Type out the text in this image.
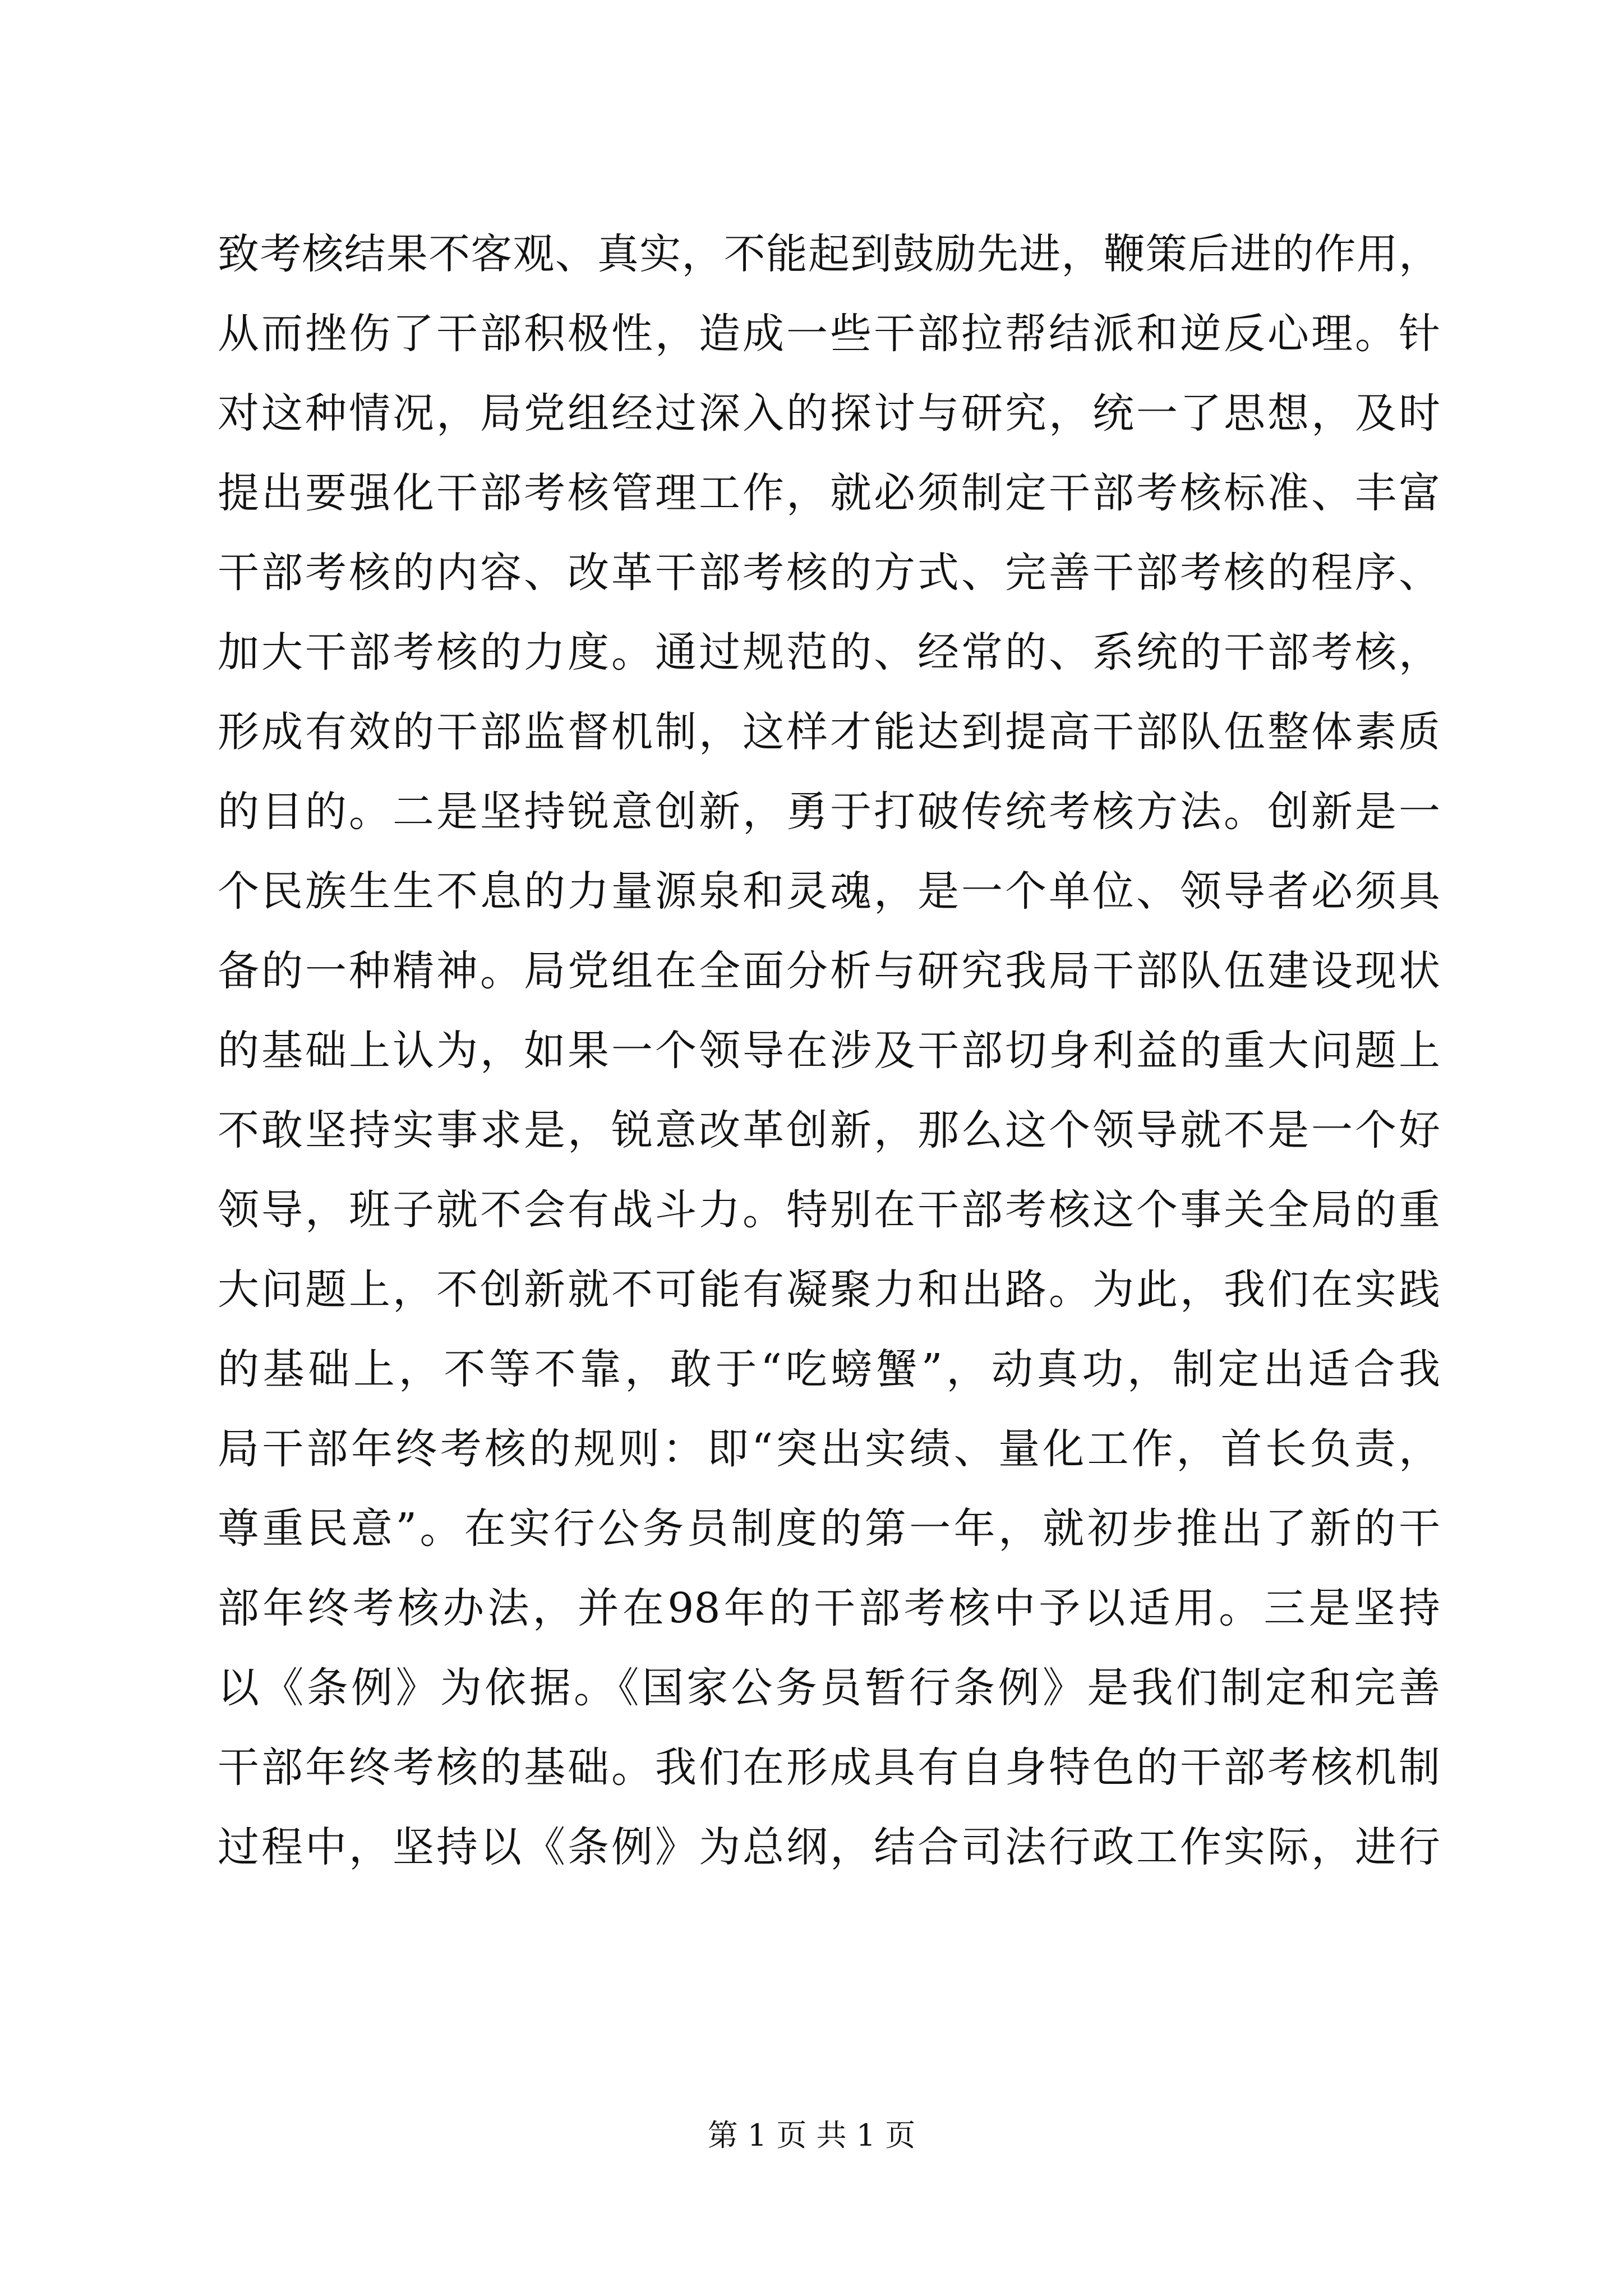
致考核结果不客观、真实，不能起到鼓励先进，鞭策后进的作用，
从而挫伤了干部积极性，造成一些干部拉帮结派和逆反心理。针
对这种情况，局党组经过深入的探讨与研究，统一了思想，及时
提出要强化干部考核管理工作，就必须制定干部考核标准、丰富
干部考核的内容、改革干部考核的方式、完善干部考核的程序、
加大干部考核的力度。通过规范的、经常的、系统的干部考核，
形成有效的干部监督机制，这样才能达到提高干部队伍整体素质
的目的。二是坚持锐意创新，勇于打破传统考核方法。创新是一
个民族生生不息的力量源泉和灵魂，是一个单位、领导者必须具
备的一种精神。局党组在全面分析与研究我局干部队伍建设现状
的基础上认为，如果一个领导在涉及干部切身利益的重大问题上
不敢坚持实事求是，锐意改革创新，那么这个领导就不是一个好
领导，班子就不会有战斗力。特别在干部考核这个事关全局的重
大问题上，不创新就不可能有凝聚力和出路。为此，我们在实践
的基础上，不等不靠，敢于“吃螃蟹”，动真功，制定出适合我
局干部年终考核的规则：即“突出实绩、量化工作，首长负责，
尊重民意”。在实行公务员制度的第一年，就初步推出了新的干
部年终考核办法，并在98年的干部考核中予以适用。三是坚持
以《条例》为依据。《国家公务员暂行条例》是我们制定和完善
干部年终考核的基础。我们在形成具有自身特色的干部考核机制
过程中，坚持以《条例》为总纲，结合司法行政工作实际，进行
第 1 页 共 1 页
